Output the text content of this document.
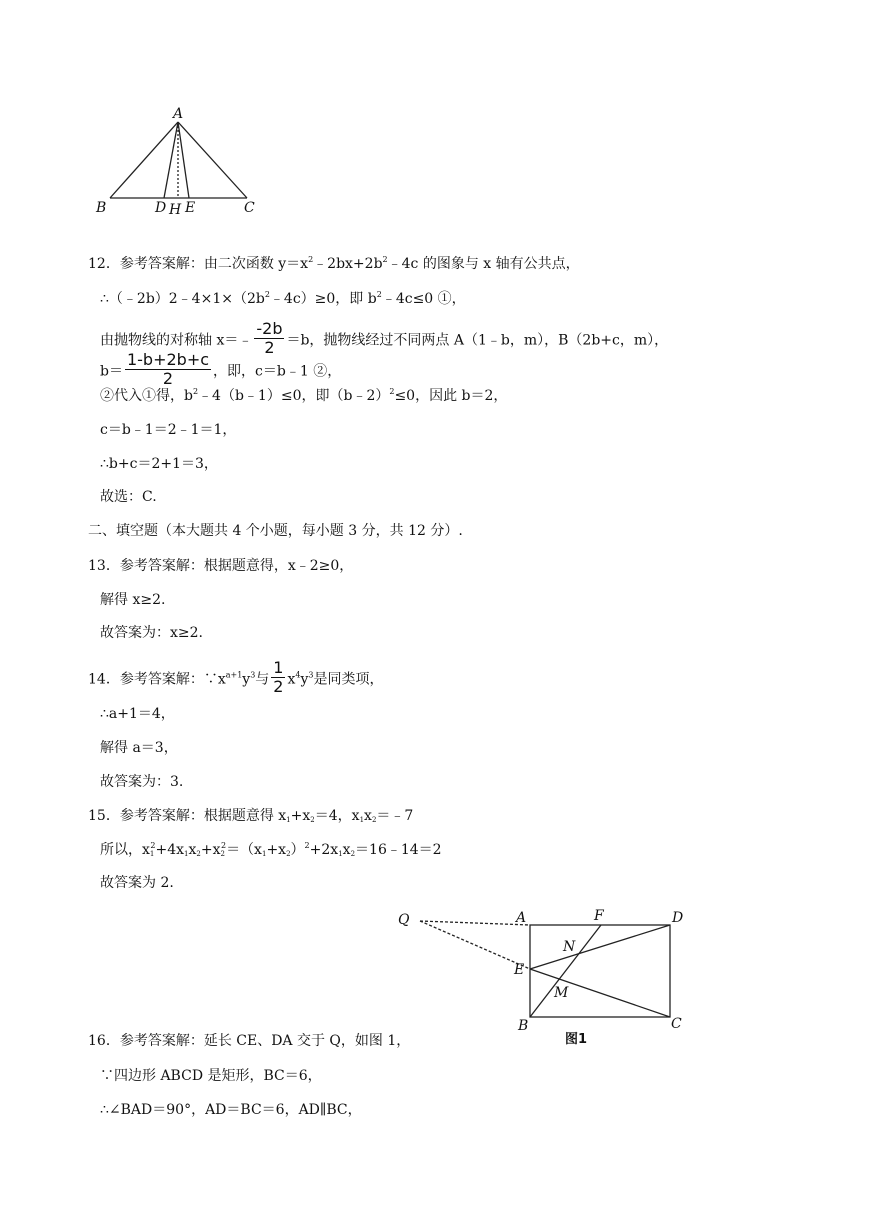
A
B	D H E	C
12．参考答案解：由二次函数 $y=x^2﹣2bx+2b^2﹣4c$ 的图象与 x 轴有公共点，
$\therefore(﹣2b)2﹣4\times 1\times(2b^2﹣4c)\ge 0$，即 $b^2﹣4c\le 0$ ①，
由抛物线的对称轴 x＝﹣ $\frac{-2b}{2} =b$，抛物线经过不同两点 A（1﹣b，m），B（2b+c，m），
$b= \frac{1-b+2b+c}{2}$ ，即，c＝b﹣1 ②，
②代入①得，$b^2﹣4(b﹣1)\le 0$，即（b﹣2）$^2$≤0，因此 b＝2，
c＝b﹣1＝2﹣1＝1，
∴b+c＝2+1＝3，
故选：C.
二、填空题（本大题共 4 个小题，每小题 3 分，共 12 分）.
13．参考答案解：根据题意得，x﹣2≥0，
解得 x≥2.
故答案为：x≥2.
14．参考答案解：$\because x^{a+1}y^3$与 $\frac{1}{2} x^4y^3$是同类项，
∴a+1＝4，
解得 a＝3，
故答案为：3.
15．参考答案解：根据题意得 $x_1+x_2=4$，$x_1x_2=﹣7$
所以，$x_1^2+4x_1x_2+x_2^2=(x_1+x_2)^2+2x_1x_2=16﹣14=2$
故答案为 2.
Q	A	F	D
N
E
M
B	C
图1
16．参考答案解：延长 CE、DA 交于 Q，如图 1，
∵四边形 ABCD 是矩形，BC＝6，
∴∠BAD＝90°，AD＝BC＝6，AD∥BC，
